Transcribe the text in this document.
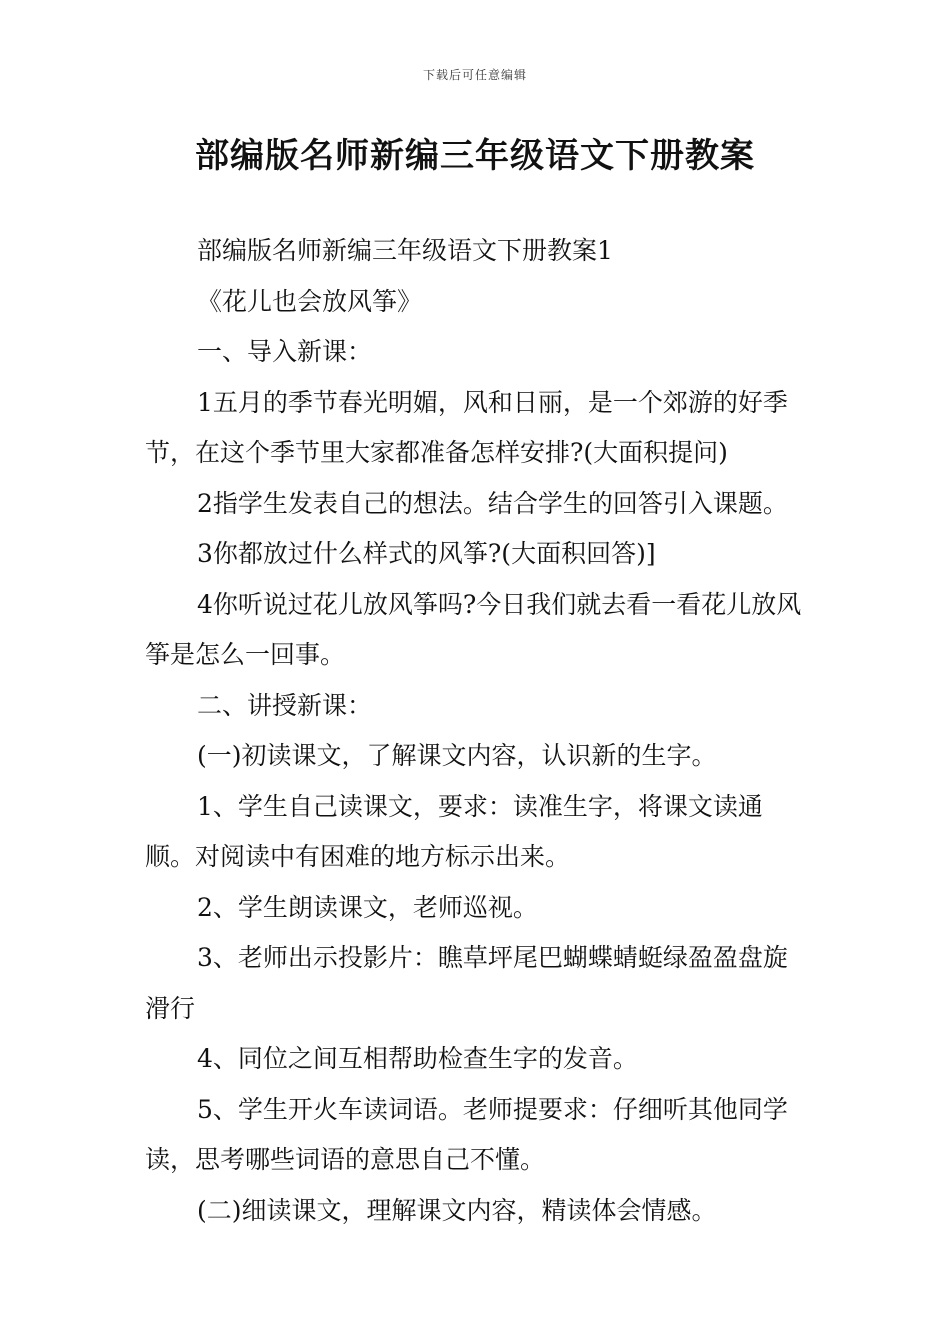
下载后可任意编辑
部编版名师新编三年级语文下册教案

部编版名师新编三年级语文下册教案1

《花儿也会放风筝》

一、导入新课：

1五月的季节春光明媚，风和日丽，是一个郊游的好季节，在这个季节里大家都准备怎样安排?(大面积提问)

2指学生发表自己的想法。结合学生的回答引入课题。

3你都放过什么样式的风筝?(大面积回答)]

4你听说过花儿放风筝吗?今日我们就去看一看花儿放风筝是怎么一回事。

二、讲授新课：

(一)初读课文，了解课文内容，认识新的生字。

1、学生自己读课文，要求：读准生字，将课文读通顺。对阅读中有困难的地方标示出来。

2、学生朗读课文，老师巡视。

3、老师出示投影片：瞧草坪尾巴蝴蝶蜻蜓绿盈盈盘旋滑行

4、同位之间互相帮助检查生字的发音。

5、学生开火车读词语。老师提要求：仔细听其他同学读，思考哪些词语的意思自己不懂。

(二)细读课文，理解课文内容，精读体会情感。
